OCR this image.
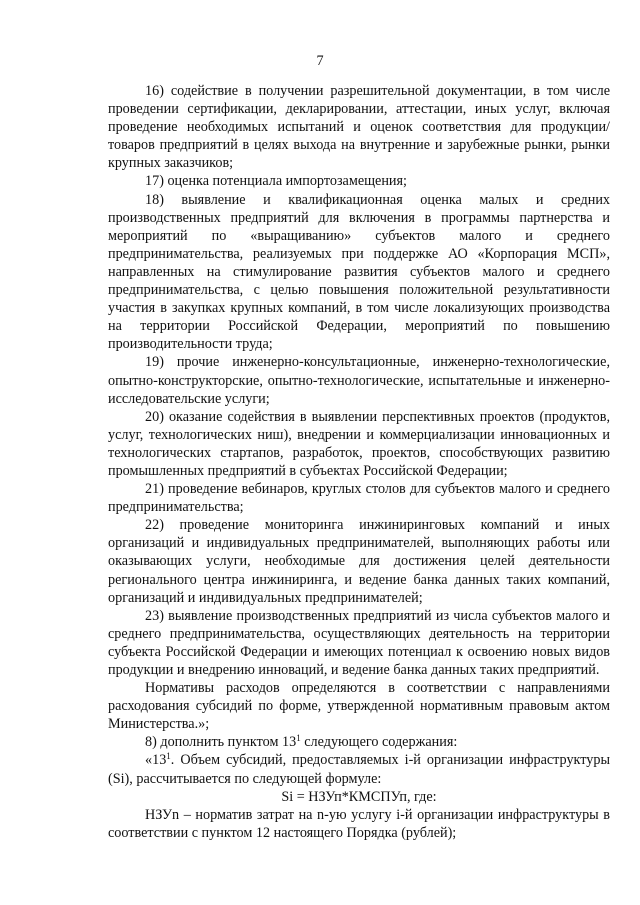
7

16) содействие в получении разрешительной документации, в том числе проведении сертификации, декларировании, аттестации, иных услуг, включая проведение необходимых испытаний и оценок соответствия для продукции/товаров предприятий в целях выхода на внутренние и зарубежные рынки, рынки крупных заказчиков;

17) оценка потенциала импортозамещения;

18) выявление и квалификационная оценка малых и средних производственных предприятий для включения в программы партнерства и мероприятий по «выращиванию» субъектов малого и среднего предпринимательства, реализуемых при поддержке АО «Корпорация МСП», направленных на стимулирование развития субъектов малого и среднего предпринимательства, с целью повышения положительной результативности участия в закупках крупных компаний, в том числе локализующих производства на территории Российской Федерации, мероприятий по повышению производительности труда;

19) прочие инженерно-консультационные, инженерно-технологические, опытно-конструкторские, опытно-технологические, испытательные и инженерно-исследовательские услуги;

20) оказание содействия в выявлении перспективных проектов (продуктов, услуг, технологических ниш), внедрении и коммерциализации инновационных и технологических стартапов, разработок, проектов, способствующих развитию промышленных предприятий в субъектах Российской Федерации;

21) проведение вебинаров, круглых столов для субъектов малого и среднего предпринимательства;

22) проведение мониторинга инжиниринговых компаний и иных организаций и индивидуальных предпринимателей, выполняющих работы или оказывающих услуги, необходимые для достижения целей деятельности регионального центра инжиниринга, и ведение банка данных таких компаний, организаций и индивидуальных предпринимателей;

23) выявление производственных предприятий из числа субъектов малого и среднего предпринимательства, осуществляющих деятельность на территории субъекта Российской Федерации и имеющих потенциал к освоению новых видов продукции и внедрению инноваций, и ведение банка данных таких предприятий.

Нормативы расходов определяются в соответствии с направлениями расходования субсидий по форме, утвержденной нормативным правовым актом Министерства.»;

8) дополнить пунктом $13^1$ следующего содержания:

«$13^1$. Объем субсидий, предоставляемых i-й организации инфраструктуры (Si), рассчитывается по следующей формуле:

Si = НЗУп*КМСПУп, где:

НЗУn – норматив затрат на n-ую услугу i-й организации инфраструктуры в соответствии с пунктом 12 настоящего Порядка (рублей);
